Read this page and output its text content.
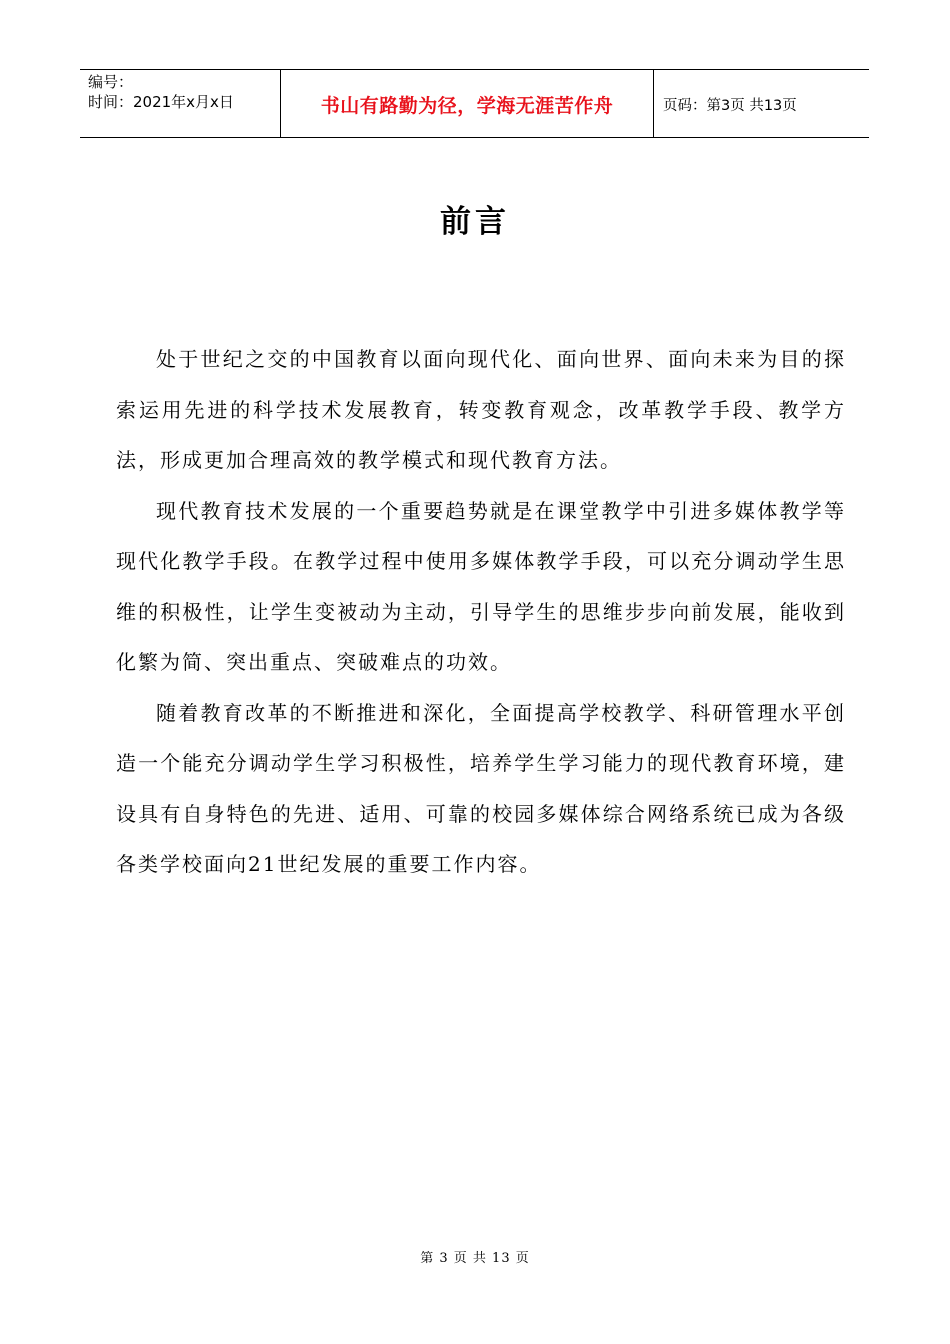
编号：
时间：2021年x月x日	书山有路勤为径，学海无涯苦作舟	页码：第3页 共13页
前言

处于世纪之交的中国教育以面向现代化、面向世界、面向未来为目的探索运用先进的科学技术发展教育，转变教育观念，改革教学手段、教学方法，形成更加合理高效的教学模式和现代教育方法。

现代教育技术发展的一个重要趋势就是在课堂教学中引进多媒体教学等现代化教学手段。在教学过程中使用多媒体教学手段，可以充分调动学生思维的积极性，让学生变被动为主动，引导学生的思维步步向前发展，能收到化繁为简、突出重点、突破难点的功效。

随着教育改革的不断推进和深化，全面提高学校教学、科研管理水平创造一个能充分调动学生学习积极性，培养学生学习能力的现代教育环境，建设具有自身特色的先进、适用、可靠的校园多媒体综合网络系统已成为各级各类学校面向21世纪发展的重要工作内容。

第 3 页 共 13 页
